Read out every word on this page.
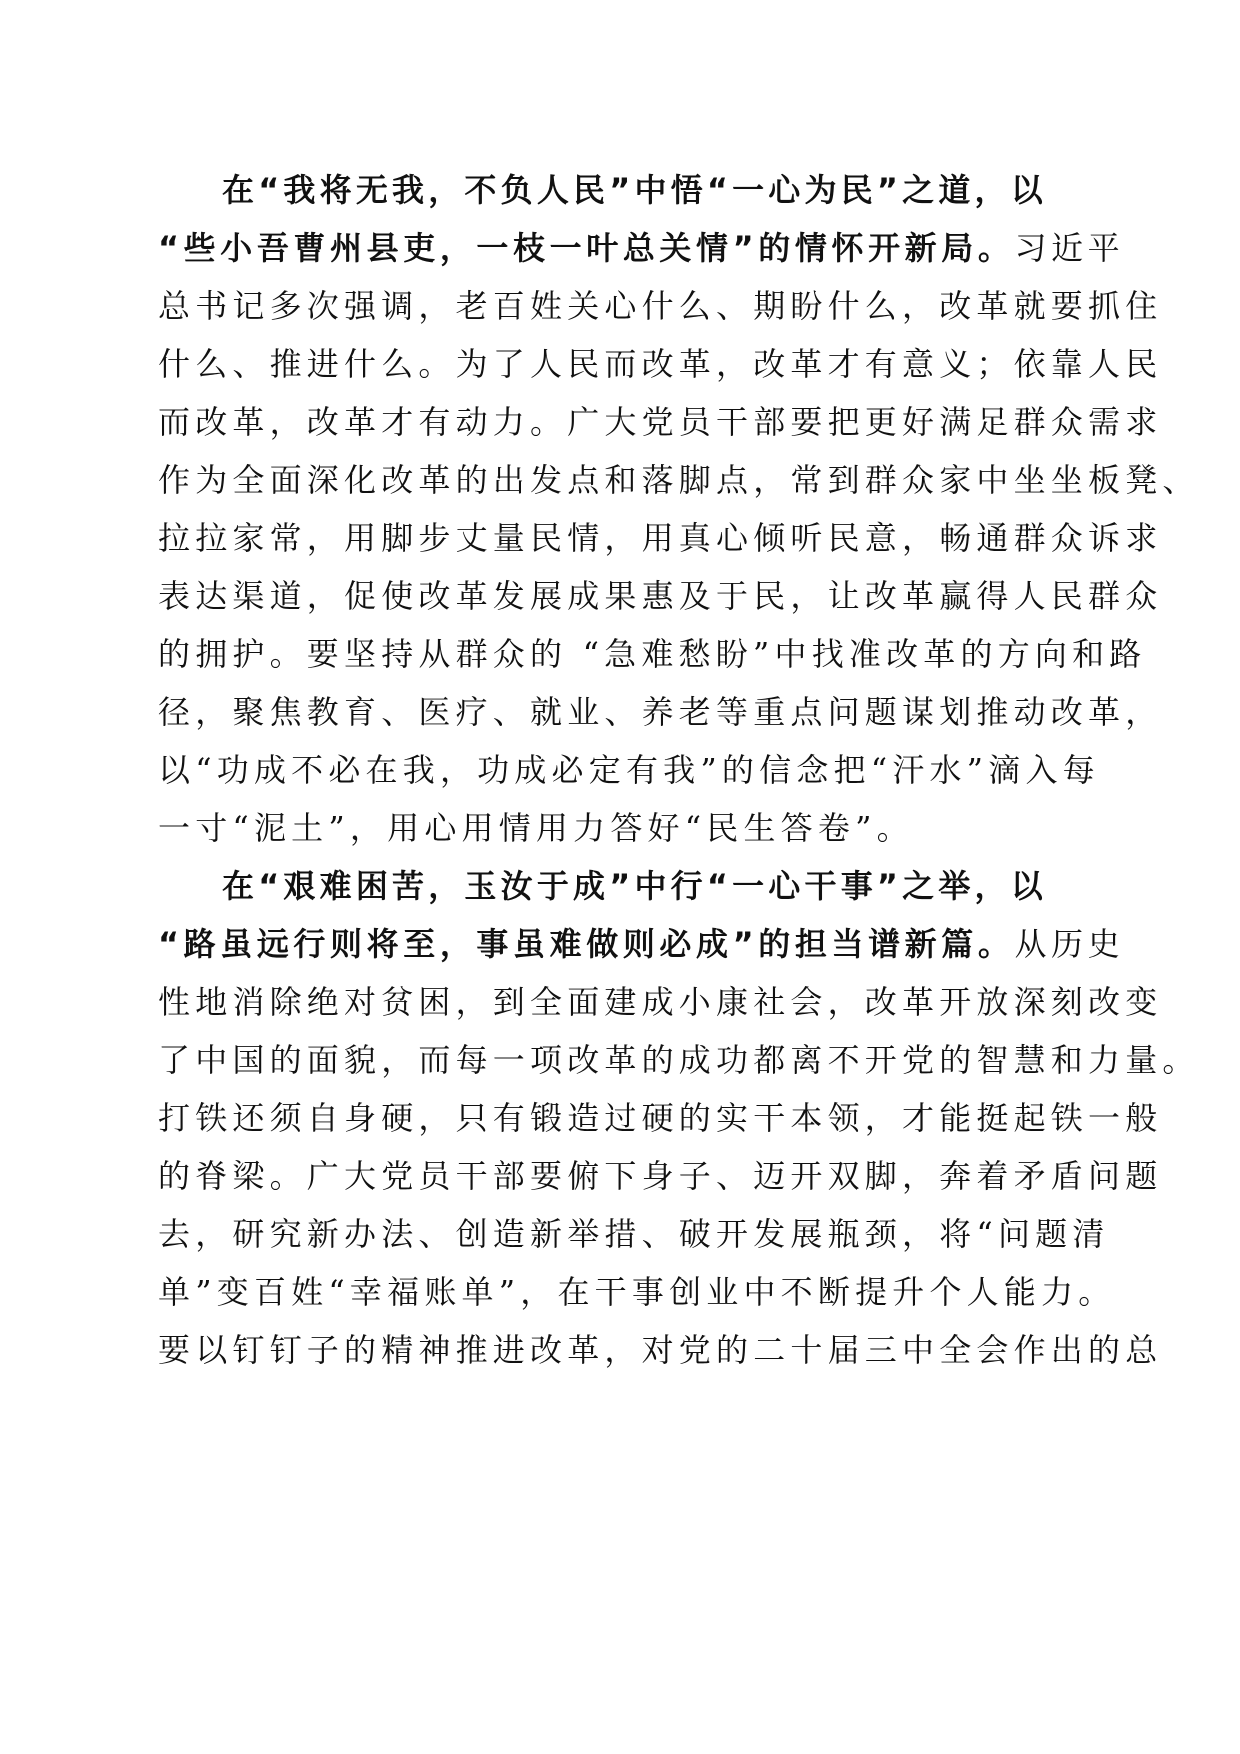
在“我将无我，不负人民”中悟“一心为民”之道，以
“些小吾曹州县吏，一枝一叶总关情”的情怀开新局。习近平
总书记多次强调，老百姓关心什么、期盼什么，改革就要抓住
什么、推进什么。为了人民而改革，改革才有意义；依靠人民
而改革，改革才有动力。广大党员干部要把更好满足群众需求
作为全面深化改革的出发点和落脚点，常到群众家中坐坐板凳、
拉拉家常，用脚步丈量民情，用真心倾听民意，畅通群众诉求
表达渠道，促使改革发展成果惠及于民，让改革赢得人民群众
的拥护。要坚持从群众的 “急难愁盼”中找准改革的方向和路
径，聚焦教育、医疗、就业、养老等重点问题谋划推动改革，
以“功成不必在我，功成必定有我”的信念把“汗水”滴入每
一寸“泥土”，用心用情用力答好“民生答卷”。
在“艰难困苦，玉汝于成”中行“一心干事”之举，以
“路虽远行则将至，事虽难做则必成”的担当谱新篇。从历史
性地消除绝对贫困，到全面建成小康社会，改革开放深刻改变
了中国的面貌，而每一项改革的成功都离不开党的智慧和力量。
打铁还须自身硬，只有锻造过硬的实干本领，才能挺起铁一般
的脊梁。广大党员干部要俯下身子、迈开双脚，奔着矛盾问题
去，研究新办法、创造新举措、破开发展瓶颈，将“问题清
单”变百姓“幸福账单”，在干事创业中不断提升个人能力。
要以钉钉子的精神推进改革，对党的二十届三中全会作出的总
